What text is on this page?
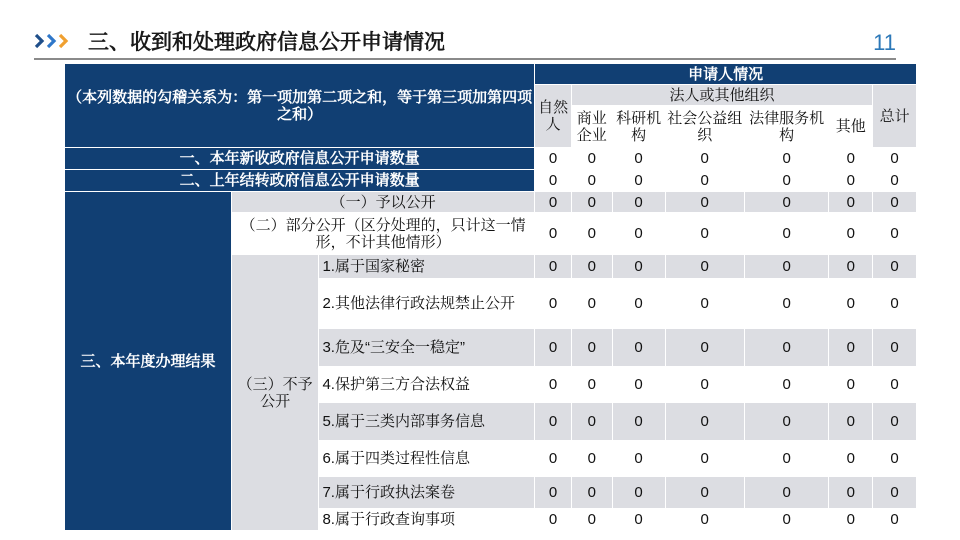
三、收到和处理政府信息公开申请情况	11
（本列数据的勾稽关系为：第一项加第二项之和，等于第三项加第四项之和）			申请人情况						
			自然人	法人或其他组织					总计
				商业企业	科研机构	社会公益组织	法律服务机构	其他	

一、本年新收政府信息公开申请数量			0	0	0	0	0	0	0
二、上年结转政府信息公开申请数量			0	0	0	0	0	0	0
三、本年度办理结果	（一）予以公开		0	0	0	0	0	0	0
	（二）部分公开（区分处理的，只计这一情形，不计其他情形）		0	0	0	0	0	0	0
	（三）不予公开	1.属于国家秘密	0	0	0	0	0	0	0
		2.其他法律行政法规禁止公开	0	0	0	0	0	0	0
		3.危及“三安全一稳定”	0	0	0	0	0	0	0
		4.保护第三方合法权益	0	0	0	0	0	0	0
		5.属于三类内部事务信息	0	0	0	0	0	0	0
		6.属于四类过程性信息	0	0	0	0	0	0	0
		7.属于行政执法案卷	0	0	0	0	0	0	0
		8.属于行政查询事项	0	0	0	0	0	0	0
